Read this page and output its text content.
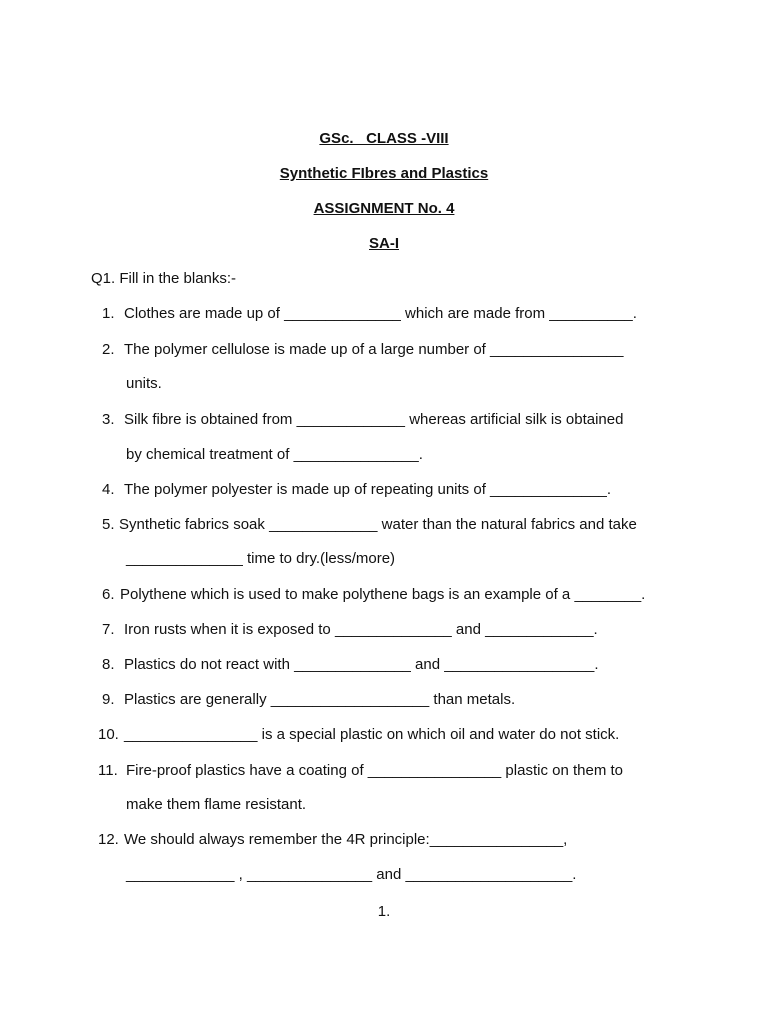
GSc.   CLASS -VIII
Synthetic FIbres and Plastics
ASSIGNMENT No. 4
SA-I
Q1. Fill in the blanks:-
1. Clothes are made up of ______________ which are made from __________.
2. The polymer cellulose is made up of a large number of ________________
units.
3. Silk fibre is obtained from _____________ whereas artificial silk is obtained
by chemical treatment of _______________.
4. The polymer polyester is made up of repeating units of ______________.
5. Synthetic fabrics soak _____________ water than the natural fabrics and take
______________ time to dry.(less/more)
6. Polythene which is used to make polythene bags is an example of a ________.
7. Iron rusts when it is exposed to ______________ and _____________.
8. Plastics do not react with ______________ and __________________.
9. Plastics are generally ___________________ than metals.
10. ________________ is a special plastic on which oil and water do not stick.
11. Fire-proof plastics have a coating of ________________ plastic on them to
make them flame resistant.
12. We should always remember the 4R principle:________________,
_____________ , _______________ and ____________________.
1.
